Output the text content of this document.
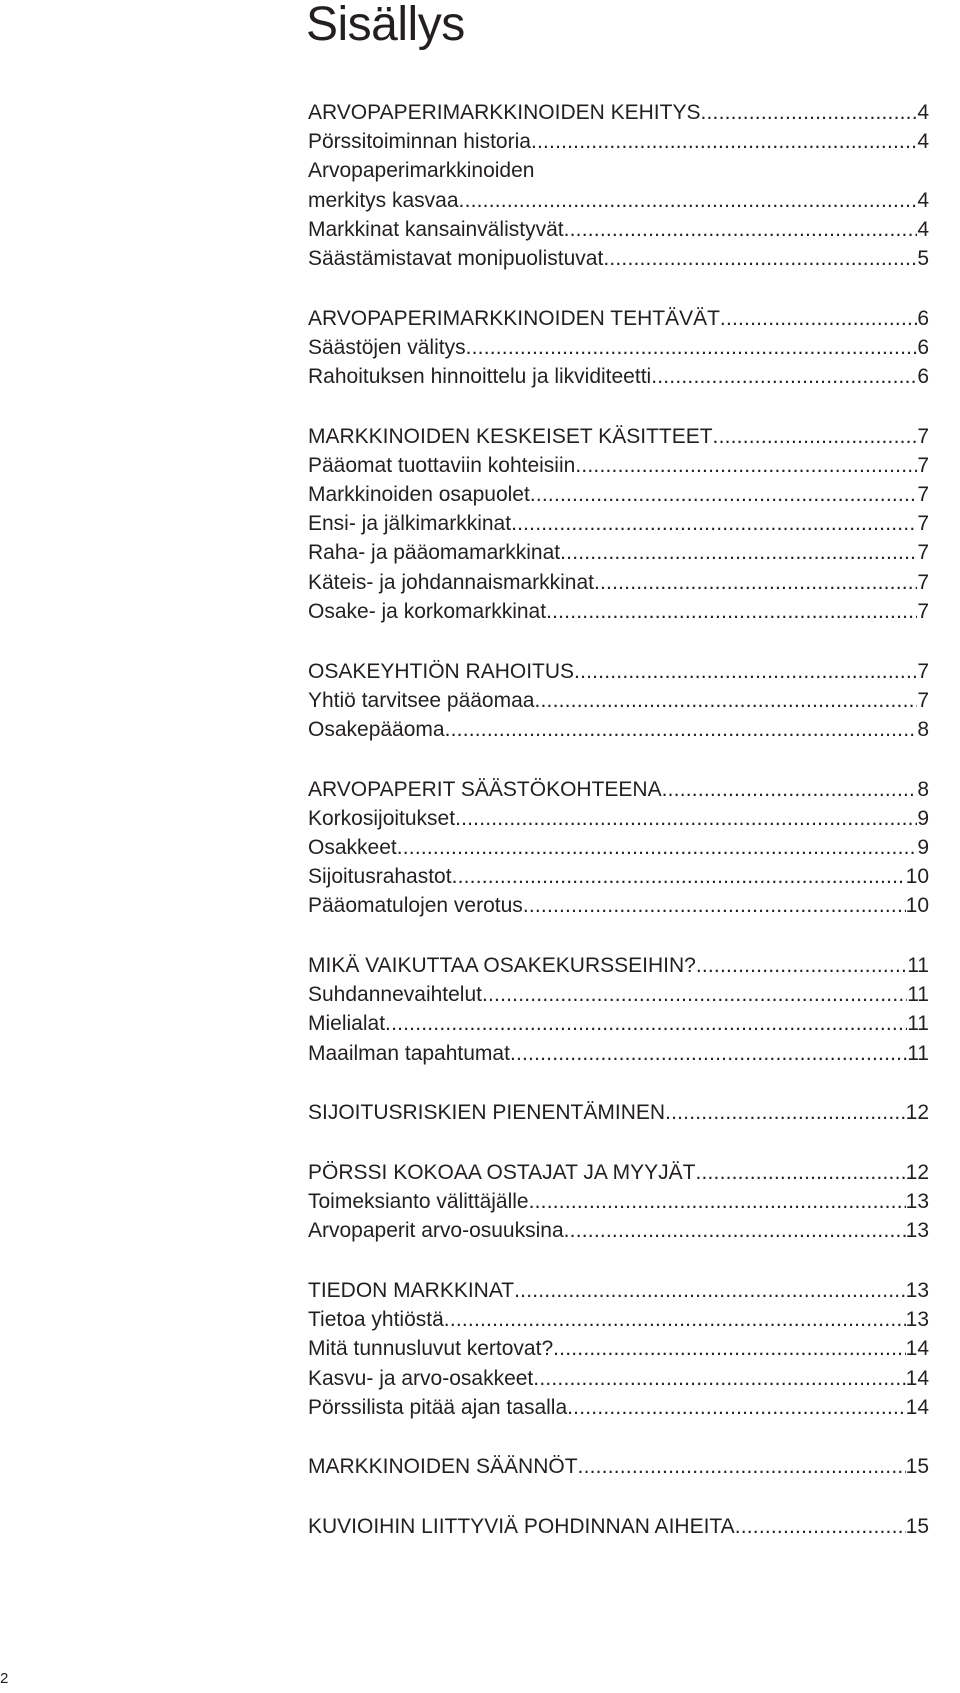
Sisällys
ARVOPAPERIMARKKINOIDEN KEHITYS .....	4
Pörssitoiminnan historia .....	4
Arvopaperimarkkinoiden
merkitys kasvaa .....	4
Markkinat kansainvälistyvät .....	4
Säästämistavat monipuolistuvat .....	5
ARVOPAPERIMARKKINOIDEN TEHTÄVÄT .....	6
Säästöjen välitys .....	6
Rahoituksen hinnoittelu ja likviditeetti .....	6
MARKKINOIDEN KESKEISET KÄSITTEET .....	7
Pääomat tuottaviin kohteisiin .....	7
Markkinoiden osapuolet .....	7
Ensi- ja jälkimarkkinat .....	7
Raha- ja pääomamarkkinat .....	7
Käteis- ja johdannaismarkkinat .....	7
Osake- ja korkomarkkinat .....	7
OSAKEYHTIÖN RAHOITUS .....	7
Yhtiö tarvitsee pääomaa .....	7
Osakepääoma .....	8
ARVOPAPERIT SÄÄSTÖKOHTEENA .....	8
Korkosijoitukset .....	9
Osakkeet .....	9
Sijoitusrahastot .....	10
Pääomatulojen verotus .....	10
MIKÄ VAIKUTTAA OSAKEKURSSEIHIN? .....	11
Suhdannevaihtelut .....	11
Mielialat .....	11
Maailman tapahtumat .....	11
SIJOITUSRISKIEN PIENENTÄMINEN .....	12
PÖRSSI KOKOAA OSTAJAT JA MYYJÄT .....	12
Toimeksianto välittäjälle .....	13
Arvopaperit arvo-osuuksina .....	13
TIEDON MARKKINAT .....	13
Tietoa yhtiöstä .....	13
Mitä tunnusluvut kertovat? .....	14
Kasvu- ja arvo-osakkeet .....	14
Pörssilista pitää ajan tasalla .....	14
MARKKINOIDEN SÄÄNNÖT .....	15
KUVIOIHIN LIITTYVIÄ POHDINNAN AIHEITA .....	15
2
